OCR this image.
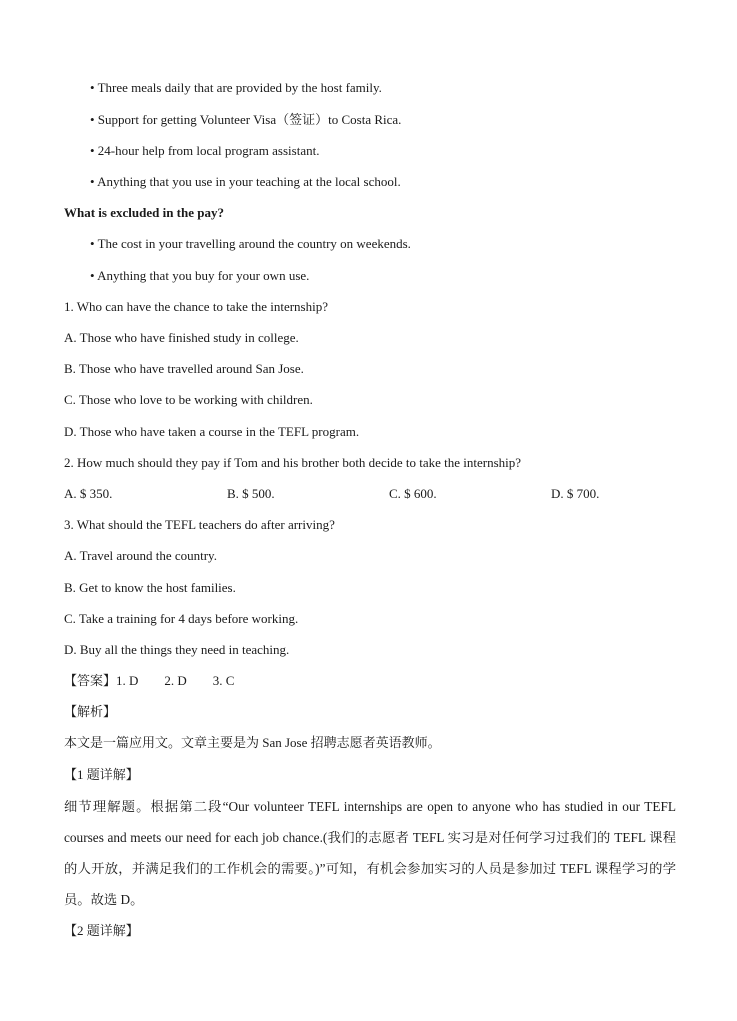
• Three meals daily that are provided by the host family.
• Support for getting Volunteer Visa（签证）to Costa Rica.
• 24-hour help from local program assistant.
• Anything that you use in your teaching at the local school.
What is excluded in the pay?
• The cost in your travelling around the country on weekends.
• Anything that you buy for your own use.
1. Who can have the chance to take the internship?
A. Those who have finished study in college.
B. Those who have travelled around San Jose.
C. Those who love to be working with children.
D. Those who have taken a course in the TEFL program.
2. How much should they pay if Tom and his brother both decide to take the internship?
A. $ 350.	B. $ 500.	C. $ 600.	D. $ 700.
3. What should the TEFL teachers do after arriving?
A. Travel around the country.
B. Get to know the host families.
C. Take a training for 4 days before working.
D. Buy all the things they need in teaching.
【答案】1. D        2. D        3. C
【解析】
本文是一篇应用文。文章主要是为 San Jose 招聘志愿者英语教师。
【1 题详解】
细节理解题。根据第二段“Our volunteer TEFL internships are open to anyone who has studied in our TEFL courses and meets our need for each job chance.(我们的志愿者 TEFL 实习是对任何学习过我们的 TEFL 课程的人开放，并满足我们的工作机会的需要。)”可知，有机会参加实习的人员是参加过 TEFL 课程学习的学员。故选 D。
【2 题详解】
